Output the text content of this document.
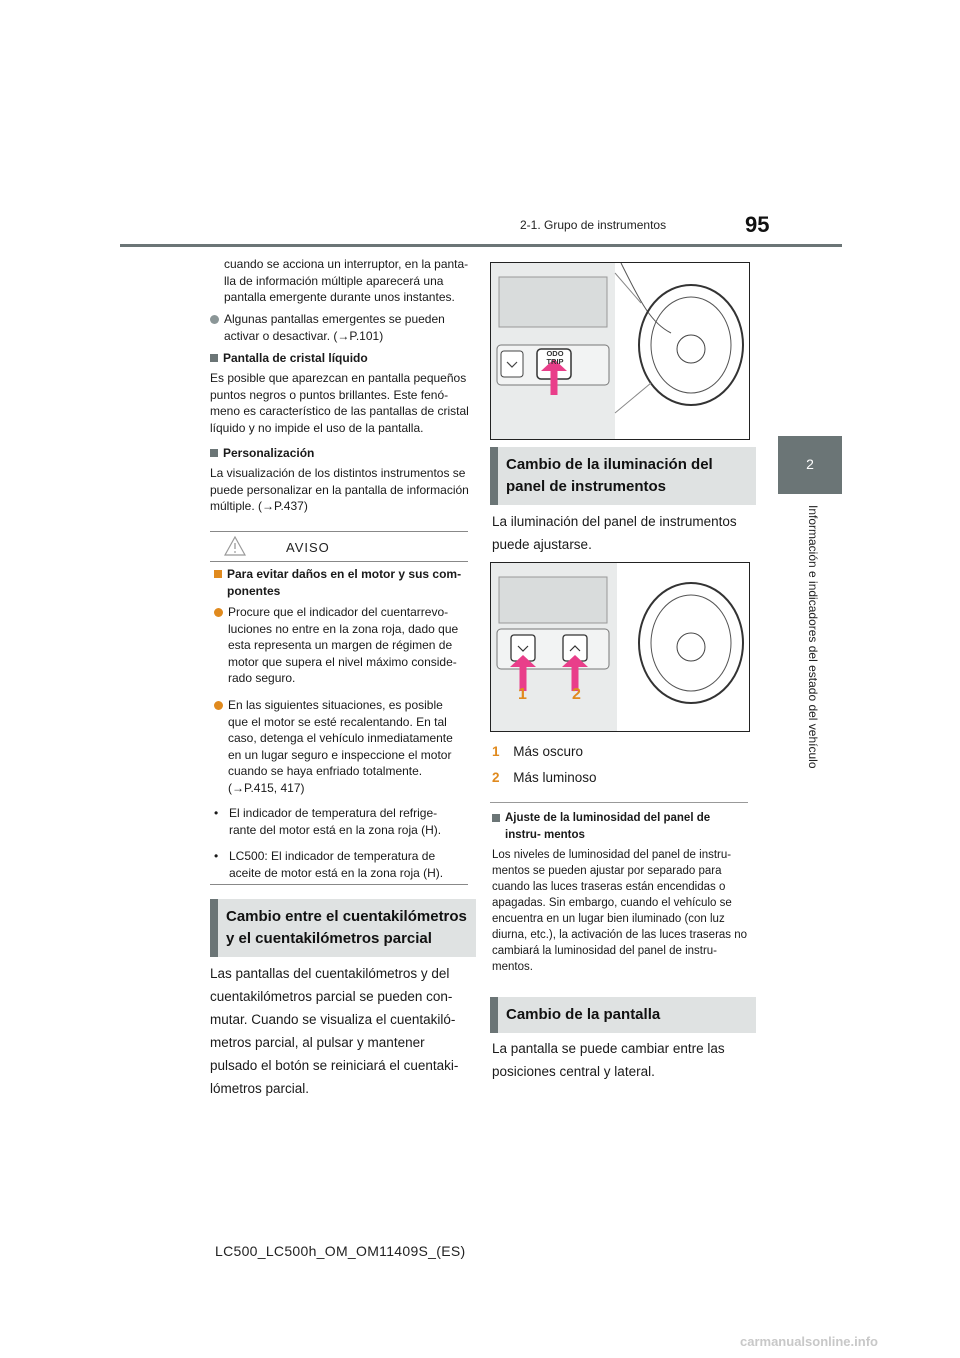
2-1. Grupo de instrumentos	95
2
Información e indicadores del estado del vehículo
cuando se acciona un interruptor, en la panta- lla de información múltiple aparecerá una pantalla emergente durante unos instantes.
Algunas pantallas emergentes se pueden activar o desactivar. (→P.101)
Pantalla de cristal líquido
Es posible que aparezcan en pantalla pequeños puntos negros o puntos brillantes. Este fenó- meno es característico de las pantallas de cristal líquido y no impide el uso de la pantalla.
Personalización
La visualización de los distintos instrumentos se puede personalizar en la pantalla de información múltiple. (→P.437)
AVISO
Para evitar daños en el motor y sus com- ponentes
Procure que el indicador del cuentarrevo- luciones no entre en la zona roja, dado que esta representa un margen de régimen de motor que supera el nivel máximo conside- rado seguro.
En las siguientes situaciones, es posible que el motor se esté recalentando. En tal caso, detenga el vehículo inmediatamente en un lugar seguro e inspeccione el motor cuando se haya enfriado totalmente. (→P.415, 417)
• El indicador de temperatura del refrige- rante del motor está en la zona roja (H).
• LC500: El indicador de temperatura de aceite de motor está en la zona roja (H).
Cambio entre el cuentakilómetros y el cuentakilómetros parcial
Las pantallas del cuentakilómetros y del cuentakilómetros parcial se pueden con- mutar. Cuando se visualiza el cuentakiló- metros parcial, al pulsar y mantener pulsado el botón se reiniciará el cuentaki- lómetros parcial.
ODO TRIP
Cambio de la iluminación del panel de instrumentos
La iluminación del panel de instrumentos puede ajustarse.
1	2
1 Más oscuro
2 Más luminoso
Ajuste de la luminosidad del panel de instru- mentos
Los niveles de luminosidad del panel de instru- mentos se pueden ajustar por separado para cuando las luces traseras están encendidas o apagadas. Sin embargo, cuando el vehículo se encuentra en un lugar bien iluminado (con luz diurna, etc.), la activación de las luces traseras no cambiará la luminosidad del panel de instru- mentos.
Cambio de la pantalla
La pantalla se puede cambiar entre las posiciones central y lateral.
LC500_LC500h_OM_OM11409S_(ES)
carmanualsonline.info
